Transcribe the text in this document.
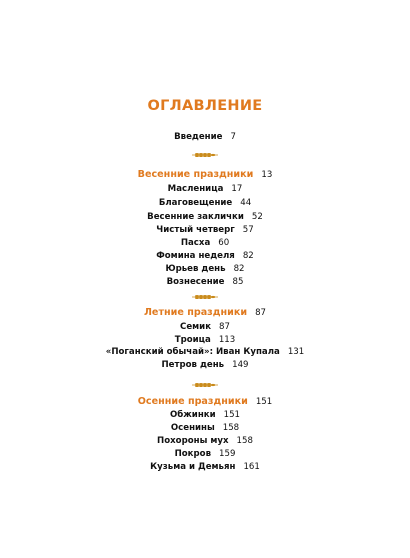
ОГЛАВЛЕНИЕ
Введение 7
Весенние праздники 13
Масленица 17
Благовещение 44
Весенние заклички 52
Чистый четверг 57
Пасха 60
Фомина неделя 82
Юрьев день 82
Вознесение 85
Летние праздники 87
Семик 87
Троица 113
«Поганский обычай»: Иван Купала 131
Петров день 149
Осенние праздники 151
Обжинки 151
Осенины 158
Похороны мух 158
Покров 159
Кузьма и Демьян 161
